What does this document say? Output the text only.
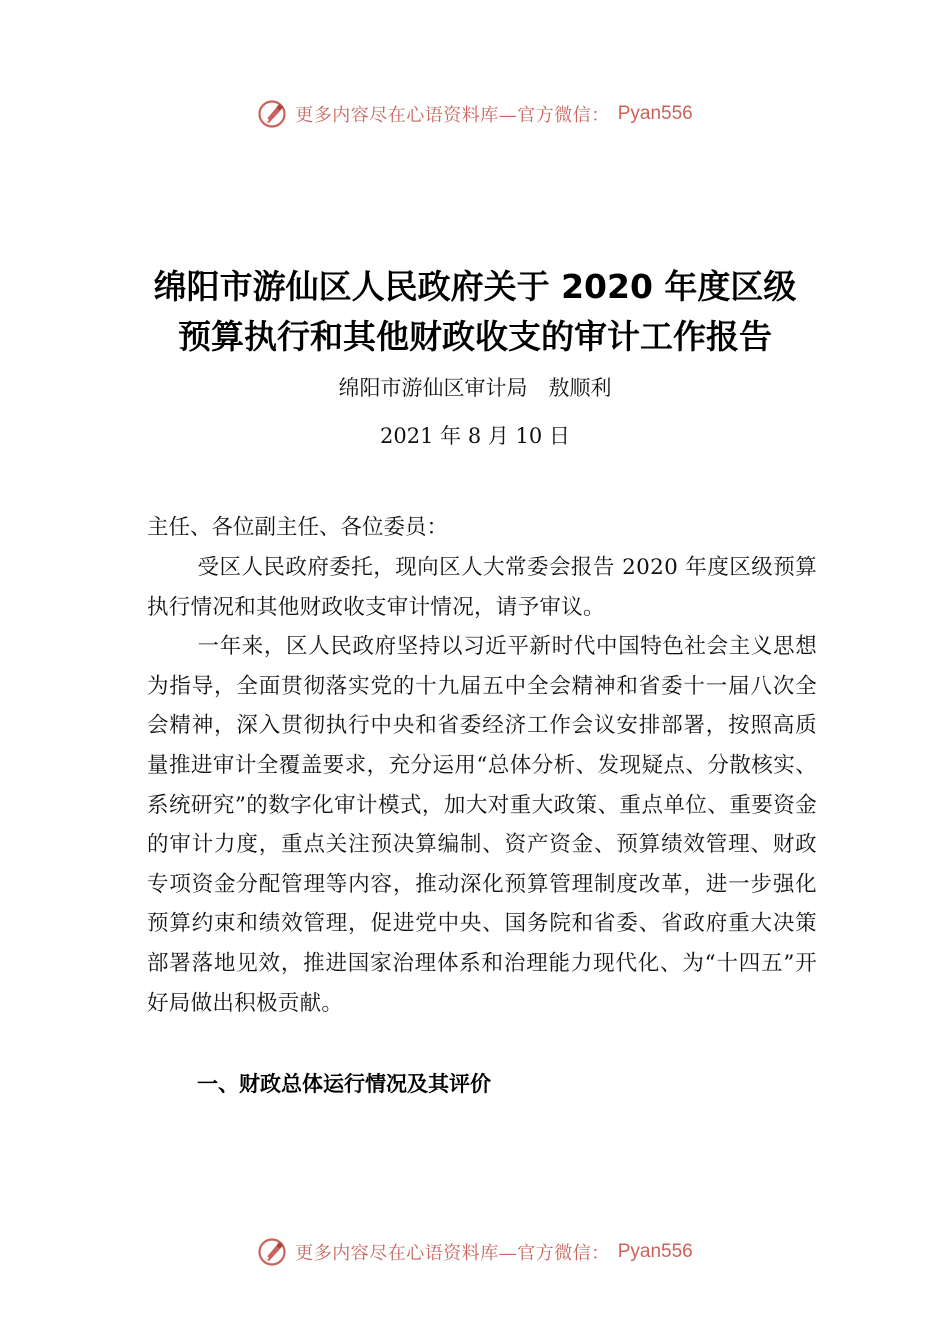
更多内容尽在心语资料库—官方微信： Pyan556
绵阳市游仙区人民政府关于 2020 年度区级
预算执行和其他财政收支的审计工作报告
绵阳市游仙区审计局　敖顺利
2021 年 8 月 10 日
主任、各位副主任、各位委员：

受区人民政府委托，现向区人大常委会报告 2020 年度区级预算执行情况和其他财政收支审计情况，请予审议。

一年来，区人民政府坚持以习近平新时代中国特色社会主义思想为指导，全面贯彻落实党的十九届五中全会精神和省委十一届八次全会精神，深入贯彻执行中央和省委经济工作会议安排部署，按照高质量推进审计全覆盖要求，充分运用“总体分析、发现疑点、分散核实、系统研究”的数字化审计模式，加大对重大政策、重点单位、重要资金的审计力度，重点关注预决算编制、资产资金、预算绩效管理、财政专项资金分配管理等内容，推动深化预算管理制度改革，进一步强化预算约束和绩效管理，促进党中央、国务院和省委、省政府重大决策部署落地见效，推进国家治理体系和治理能力现代化、为“十四五”开好局做出积极贡献。

一、财政总体运行情况及其评价
更多内容尽在心语资料库—官方微信： Pyan556
